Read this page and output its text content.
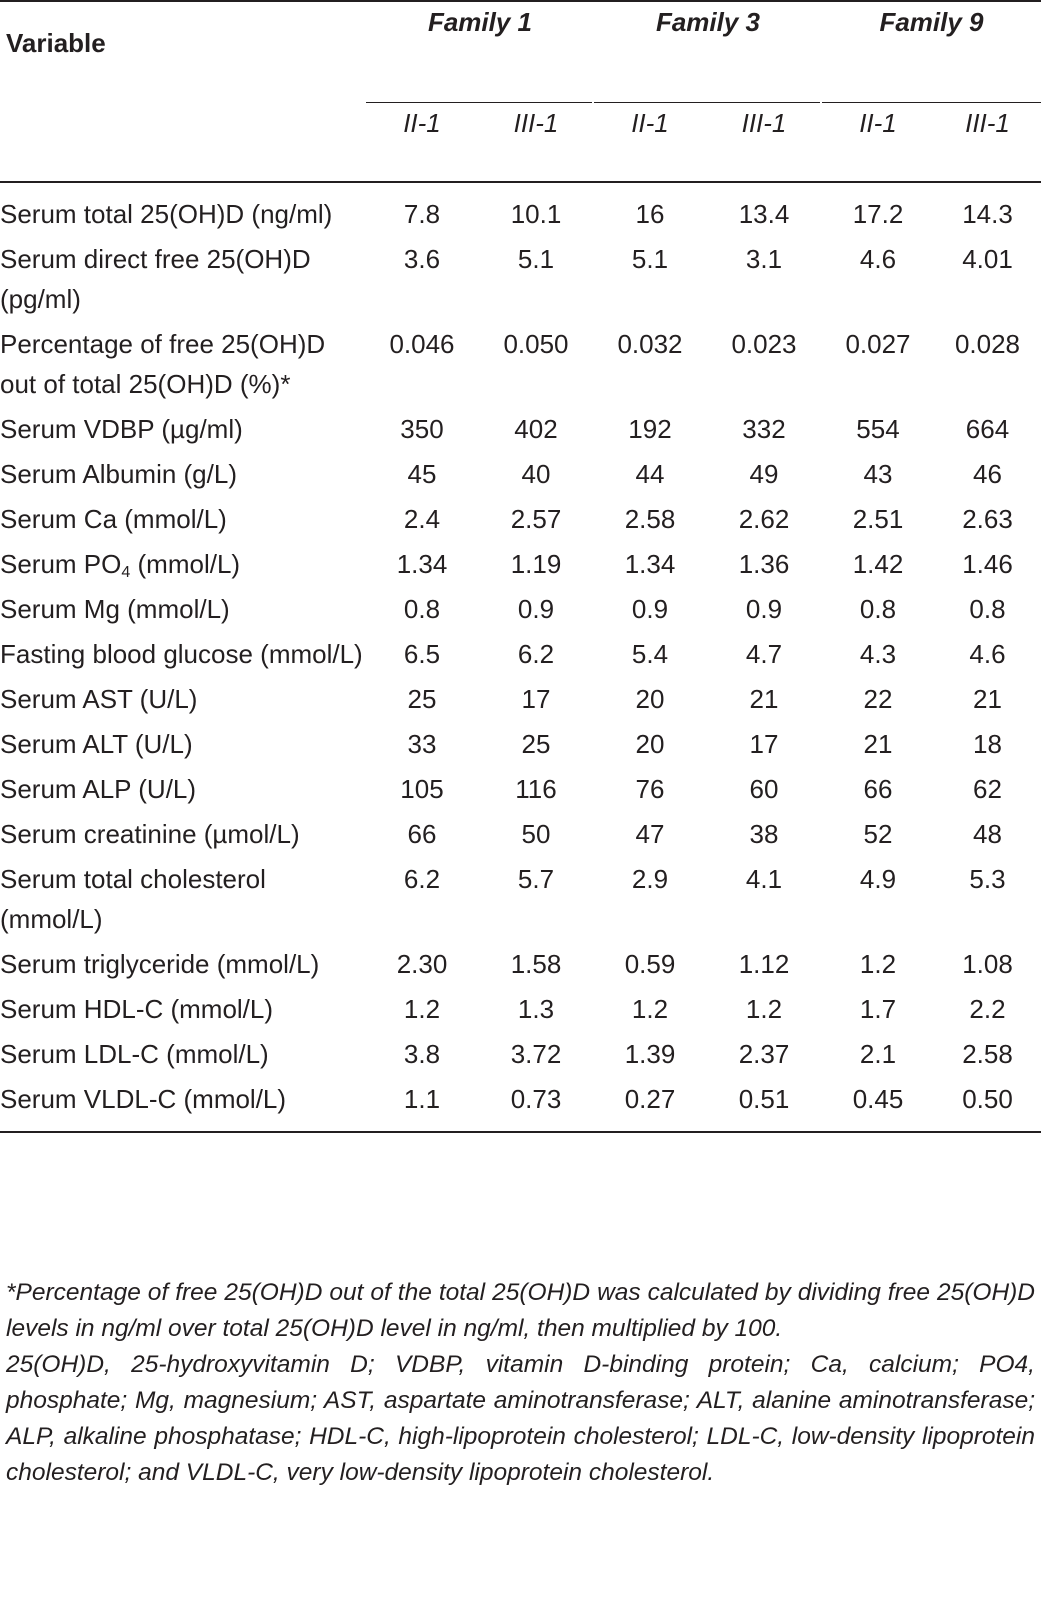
Variable	Family 1		Family 3		Family 9	

	II-1	III-1	II-1	III-1	II-1	III-1
Serum total 25(OH)D (ng/ml)	7.8	10.1	16	13.4	17.2	14.3
Serum direct free 25(OH)D (pg/ml)	3.6	5.1	5.1	3.1	4.6	4.01
Percentage of free 25(OH)D out of total 25(OH)D (%)*	0.046	0.050	0.032	0.023	0.027	0.028
Serum VDBP (µg/ml)	350	402	192	332	554	664
Serum Albumin (g/L)	45	40	44	49	43	46
Serum Ca (mmol/L)	2.4	2.57	2.58	2.62	2.51	2.63
Serum $PO_4$ (mmol/L)	1.34	1.19	1.34	1.36	1.42	1.46
Serum Mg (mmol/L)	0.8	0.9	0.9	0.9	0.8	0.8
Fasting blood glucose (mmol/L)	6.5	6.2	5.4	4.7	4.3	4.6
Serum AST (U/L)	25	17	20	21	22	21
Serum ALT (U/L)	33	25	20	17	21	18
Serum ALP (U/L)	105	116	76	60	66	62
Serum creatinine (µmol/L)	66	50	47	38	52	48
Serum total cholesterol (mmol/L)	6.2	5.7	2.9	4.1	4.9	5.3
Serum triglyceride (mmol/L)	2.30	1.58	0.59	1.12	1.2	1.08
Serum HDL-C (mmol/L)	1.2	1.3	1.2	1.2	1.7	2.2
Serum LDL-C (mmol/L)	3.8	3.72	1.39	2.37	2.1	2.58
Serum VLDL-C (mmol/L)	1.1	0.73	0.27	0.51	0.45	0.50

*Percentage of free 25(OH)D out of the total 25(OH)D was calculated by dividing free 25(OH)D levels in ng/ml over total 25(OH)D level in ng/ml, then multiplied by 100.

25(OH)D, 25-hydroxyvitamin D; VDBP, vitamin D-binding protein; Ca, calcium; PO4, phosphate; Mg, magnesium; AST, aspartate aminotransferase; ALT, alanine aminotransferase; ALP, alkaline phosphatase; HDL-C, high-lipoprotein cholesterol; LDL-C, low-density lipoprotein cholesterol; and VLDL-C, very low-density lipoprotein cholesterol.
